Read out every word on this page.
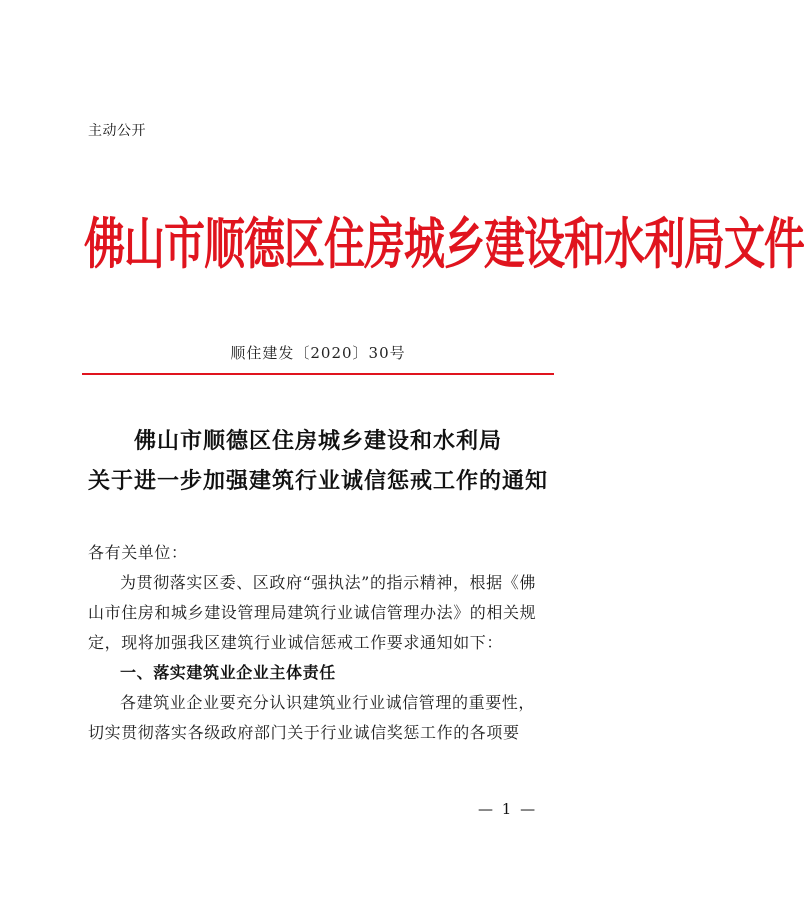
主动公开
佛山市顺德区住房城乡建设和水利局文件
顺住建发〔2020〕30号
佛山市顺德区住房城乡建设和水利局
关于进一步加强建筑行业诚信惩戒工作的通知
各有关单位：
为贯彻落实区委、区政府“强执法”的指示精神，根据《佛
山市住房和城乡建设管理局建筑行业诚信管理办法》的相关规
定，现将加强我区建筑行业诚信惩戒工作要求通知如下：
一、落实建筑业企业主体责任
各建筑业企业要充分认识建筑业行业诚信管理的重要性，
切实贯彻落实各级政府部门关于行业诚信奖惩工作的各项要
— 1 —
